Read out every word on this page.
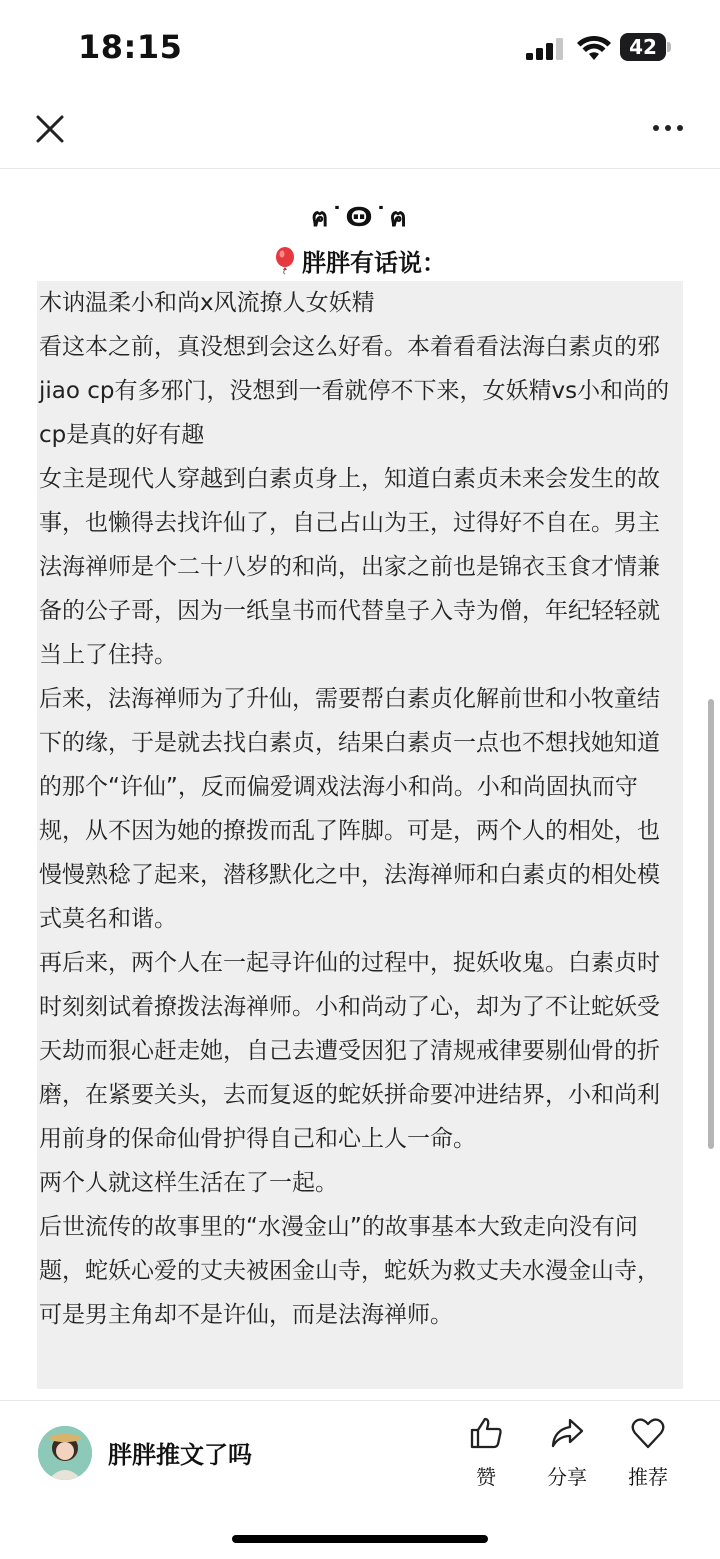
18:15	42
ฅ˙Ꙫ˙ฅ
胖胖有话说：

木讷温柔小和尚x风流撩人女妖精

看这本之前，真没想到会这么好看。本着看看法海白素贞的邪jiao cp有多邪门，没想到一看就停不下来，女妖精vs小和尚的cp是真的好有趣

女主是现代人穿越到白素贞身上，知道白素贞未来会发生的故事，也懒得去找许仙了，自己占山为王，过得好不自在。男主法海禅师是个二十八岁的和尚，出家之前也是锦衣玉食才情兼备的公子哥，因为一纸皇书而代替皇子入寺为僧，年纪轻轻就当上了住持。

后来，法海禅师为了升仙，需要帮白素贞化解前世和小牧童结下的缘，于是就去找白素贞，结果白素贞一点也不想找她知道的那个“许仙”，反而偏爱调戏法海小和尚。小和尚固执而守规，从不因为她的撩拨而乱了阵脚。可是，两个人的相处，也慢慢熟稔了起来，潜移默化之中，法海禅师和白素贞的相处模式莫名和谐。

再后来，两个人在一起寻许仙的过程中，捉妖收鬼。白素贞时时刻刻试着撩拨法海禅师。小和尚动了心，却为了不让蛇妖受天劫而狠心赶走她，自己去遭受因犯了清规戒律要剔仙骨的折磨，在紧要关头，去而复返的蛇妖拼命要冲进结界，小和尚利用前身的保命仙骨护得自己和心上人一命。

两个人就这样生活在了一起。

后世流传的故事里的“水漫金山”的故事基本大致走向没有问题，蛇妖心爱的丈夫被困金山寺，蛇妖为救丈夫水漫金山寺，可是男主角却不是许仙，而是法海禅师。

胖胖推文了吗
赞	分享	推荐
